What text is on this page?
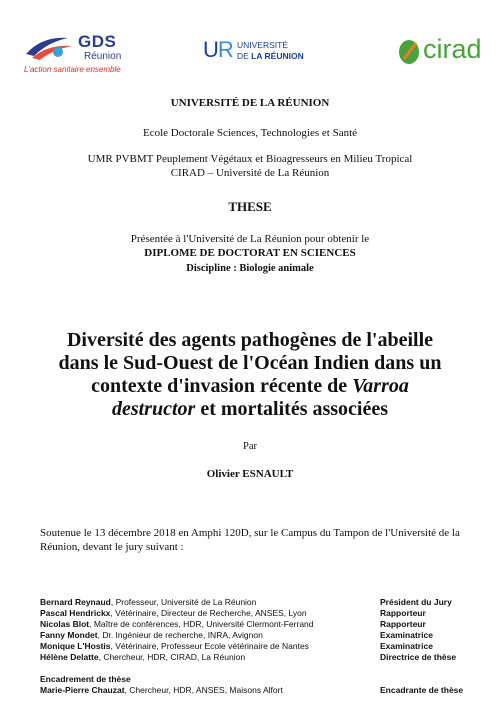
GDS
Réunion
L'action sanitaire ensemble
UR UNIVERSITÉ
DE LA RÉUNION	cirad
UNIVERSITÉ DE LA RÉUNION
Ecole Doctorale Sciences, Technologies et Santé
UMR PVBMT Peuplement Végétaux et Bioagresseurs en Milieu Tropical
CIRAD – Université de La Réunion
THESE
Présentée à l'Université de La Réunion pour obtenir le
DIPLOME DE DOCTORAT EN SCIENCES
Discipline : Biologie animale
Diversité des agents pathogènes de l'abeille
dans le Sud-Ouest de l'Océan Indien dans un
contexte d'invasion récente de Varroa
destructor et mortalités associées
Par
Olivier ESNAULT
Soutenue le 13 décembre 2018 en Amphi 120D, sur le Campus du Tampon de l'Université de la Réunion, devant le jury suivant :
Bernard Reynaud, Professeur, Université de La Réunion	Président du Jury
Pascal Hendrickx, Vétérinaire, Directeur de Recherche, ANSES, Lyon	Rapporteur
Nicolas Blot, Maître de conférences, HDR, Université Clermont-Ferrand	Rapporteur
Fanny Mondet, Dr. Ingénieur de recherche, INRA, Avignon	Examinatrice
Monique L'Hostis, Vétérinaire, Professeur Ecole vétérinaire de Nantes	Examinatrice
Hélène Delatte, Chercheur, HDR, CIRAD, La Réunion	Directrice de thèse
Encadrement de thèse
Marie-Pierre Chauzat, Chercheur, HDR, ANSES, Maisons Alfort	Encadrante de thèse
